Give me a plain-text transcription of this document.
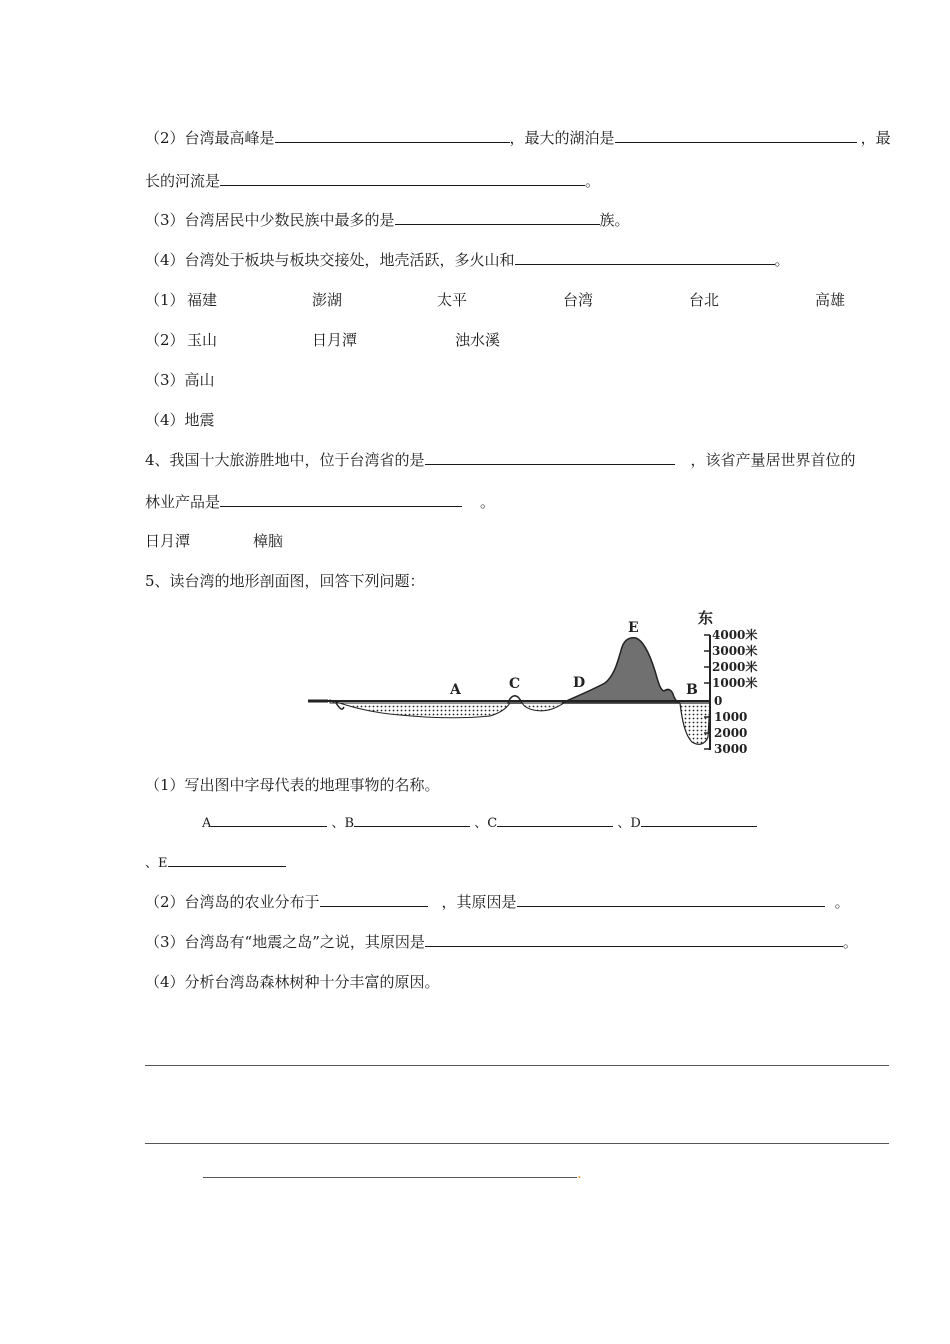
（2）台湾最高峰是	，最大的湖泊是	，最
长的河流是	。
（3）台湾居民中少数民族中最多的是	族。
（4）台湾处于板块与板块交接处，地壳活跃，多火山和	。
（1） 福建	澎湖	太平	台湾	台北	高雄
（2） 玉山	日月潭	浊水溪
（3）高山
（4）地震
4、我国十大旅游胜地中，位于台湾省的是	，该省产量居世界首位的
林业产品是	。
日月潭	樟脑
5、读台湾的地形剖面图，回答下列问题：
东
4000米
3000米
2000米
1000米
0
1000
2000
3000
A	C	D
E
B
（1）写出图中字母代表的地理事物的名称。
A	、B	、C	、D
、E
（2）台湾岛的农业分布于	，其原因是	。
（3）台湾岛有“地震之岛”之说，其原因是	。
（4）分析台湾岛森林树种十分丰富的原因。
.
